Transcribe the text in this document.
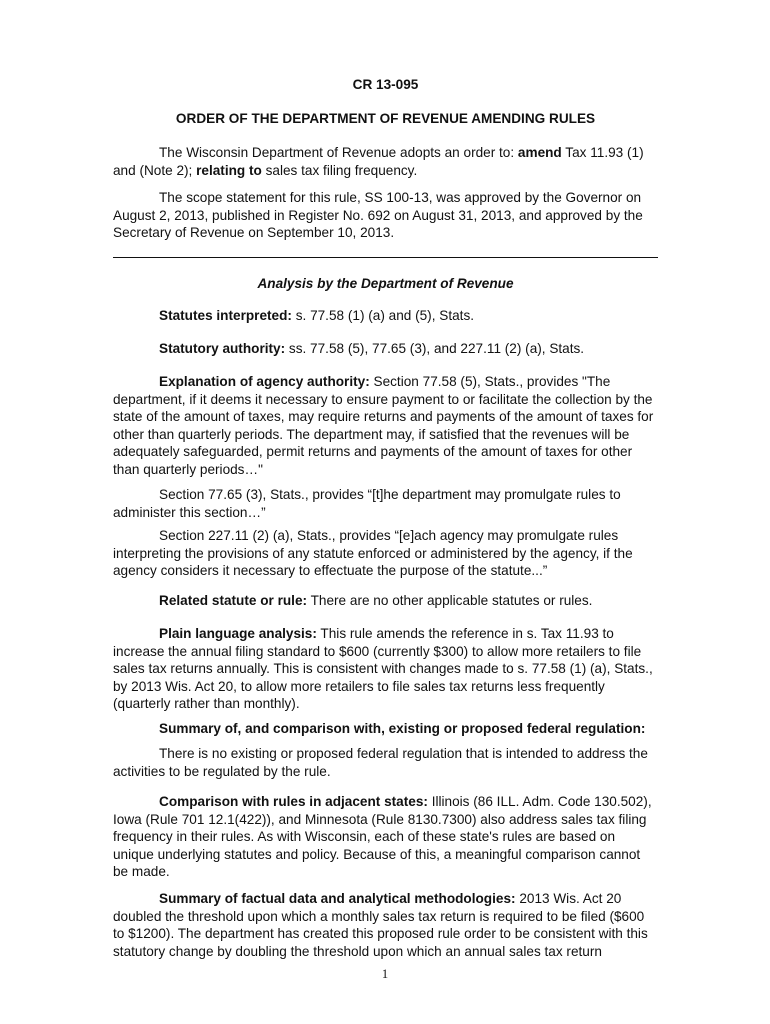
CR 13-095

ORDER OF THE DEPARTMENT OF REVENUE AMENDING RULES

The Wisconsin Department of Revenue adopts an order to: amend Tax 11.93 (1) and (Note 2); relating to sales tax filing frequency.

The scope statement for this rule, SS 100-13, was approved by the Governor on August 2, 2013, published in Register No. 692 on August 31, 2013, and approved by the Secretary of Revenue on September 10, 2013.

Analysis by the Department of Revenue

Statutes interpreted: s. 77.58 (1) (a) and (5), Stats.

Statutory authority: ss. 77.58 (5), 77.65 (3), and 227.11 (2) (a), Stats.

Explanation of agency authority: Section 77.58 (5), Stats., provides "The department, if it deems it necessary to ensure payment to or facilitate the collection by the state of the amount of taxes, may require returns and payments of the amount of taxes for other than quarterly periods. The department may, if satisfied that the revenues will be adequately safeguarded, permit returns and payments of the amount of taxes for other than quarterly periods…"

Section 77.65 (3), Stats., provides “[t]he department may promulgate rules to administer this section…”

Section 227.11 (2) (a), Stats., provides “[e]ach agency may promulgate rules interpreting the provisions of any statute enforced or administered by the agency, if the agency considers it necessary to effectuate the purpose of the statute...”

Related statute or rule: There are no other applicable statutes or rules.

Plain language analysis: This rule amends the reference in s. Tax 11.93 to increase the annual filing standard to $600 (currently $300) to allow more retailers to file sales tax returns annually. This is consistent with changes made to s. 77.58 (1) (a), Stats., by 2013 Wis. Act 20, to allow more retailers to file sales tax returns less frequently (quarterly rather than monthly).

Summary of, and comparison with, existing or proposed federal regulation:

There is no existing or proposed federal regulation that is intended to address the activities to be regulated by the rule.

Comparison with rules in adjacent states: Illinois (86 ILL. Adm. Code 130.502), Iowa (Rule 701 12.1(422)), and Minnesota (Rule 8130.7300) also address sales tax filing frequency in their rules. As with Wisconsin, each of these state's rules are based on unique underlying statutes and policy. Because of this, a meaningful comparison cannot be made.

Summary of factual data and analytical methodologies: 2013 Wis. Act 20 doubled the threshold upon which a monthly sales tax return is required to be filed ($600 to $1200). The department has created this proposed rule order to be consistent with this statutory change by doubling the threshold upon which an annual sales tax return

1
